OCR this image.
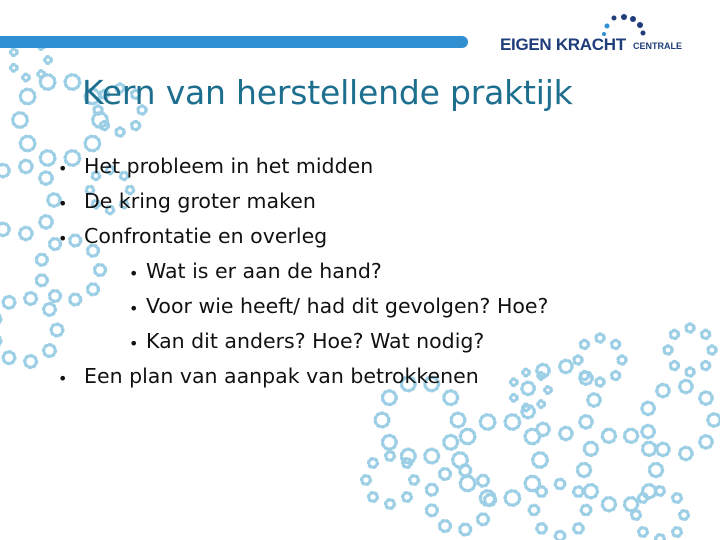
EIGEN KRACHT CENTRALE
Kern van herstellende praktijk
• Het probleem in het midden
• De kring groter maken
• Confrontatie en overleg
• Wat is er aan de hand?
• Voor wie heeft/ had dit gevolgen? Hoe?
• Kan dit anders? Hoe? Wat nodig?
• Een plan van aanpak van betrokkenen
